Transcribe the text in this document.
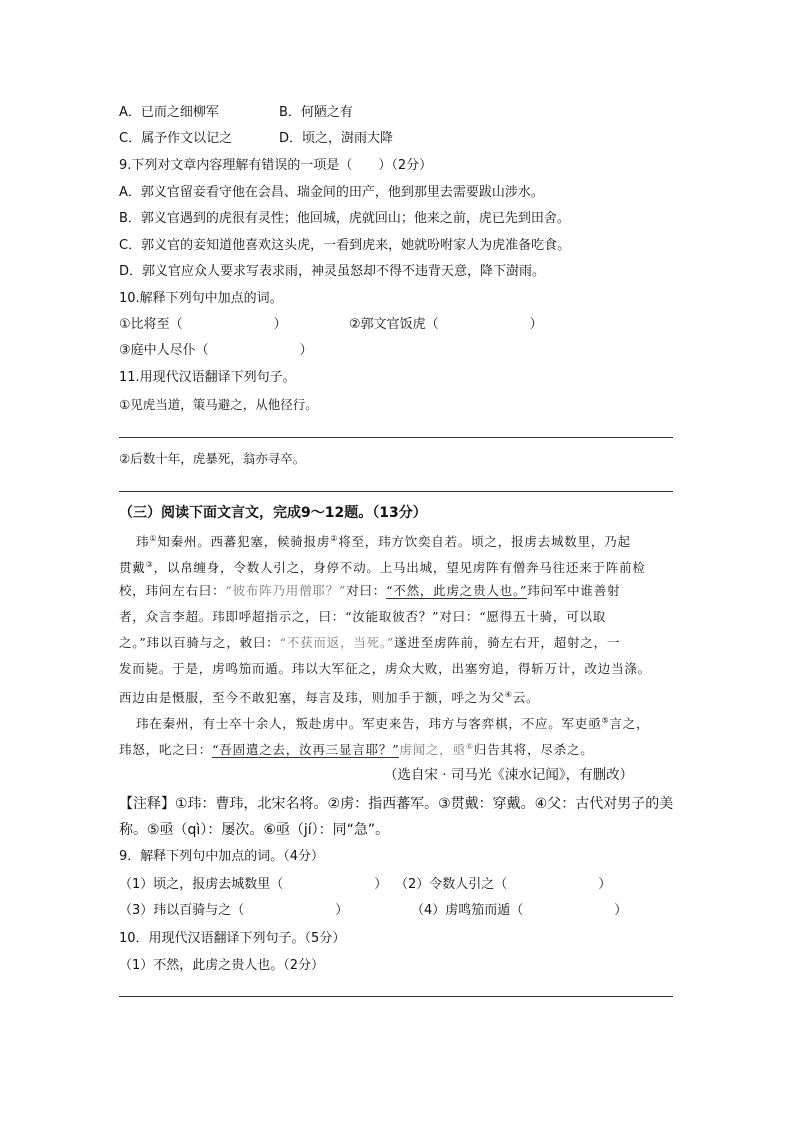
A．已而之细柳军	B．何陋之有
C．属予作文以记之	D．顷之，澍雨大降
9.下列对文章内容理解有错误的一项是（　　）（2分）
A．郭义官留妾看守他在会昌、瑞金间的田产，他到那里去需要跋山涉水。
B．郭义官遇到的虎很有灵性；他回城，虎就回山；他来之前，虎已先到田舍。
C．郭义官的妾知道他喜欢这头虎，一看到虎来，她就吩咐家人为虎准备吃食。
D．郭义官应众人要求写表求雨，神灵虽怒却不得不违背天意，降下澍雨。
10.解释下列句中加点的词。
①比将至（　　　　　　　）	②郭文官饭虎（　　　　　　　）
③庭中人尽仆（　　　　　　　）
11.用现代汉语翻译下列句子。
①见虎当道，策马避之，从他径行。
②后数十年，虎暴死，翁亦寻卒。
（三）阅读下面文言文，完成9～12题。（13分）
玮①知秦州。西蕃犯塞，候骑报虏②将至，玮方饮奕自若。顷之，报虏去城数里，乃起
贯戴③，以帛缠身，令数人引之，身停不动。上马出城，望见虏阵有僧奔马往还来于阵前检
校，玮问左右曰：“彼布阵乃用僧耶？”对曰：“不然，此虏之贵人也。”玮问军中谁善射
者，众言李超。玮即呼超指示之，曰：“汝能取彼否？”对曰：“愿得五十骑，可以取
之。”玮以百骑与之，敕曰：“不获而返，当死。”遂进至虏阵前，骑左右开，超射之，一
发而毙。于是，虏鸣笳而遁。玮以大军征之，虏众大败，出塞穷追，得斩万计，改边当涤。
西边由是慑服，至今不敢犯塞，每言及玮，则加手于额，呼之为父④云。
玮在秦州，有士卒十余人，叛赴虏中。军吏来告，玮方与客弈棋，不应。军吏亟⑤言之，
玮怒，叱之曰：“吾固遣之去，汝再三显言耶？”虏闻之，亟⑥归告其将，尽杀之。
（选自宋 · 司马光《涑水记闻》，有删改）
【注释】①玮：曹玮，北宋名将。②虏：指西蕃军。③贯戴：穿戴。④父：古代对男子的美
称。⑤亟（qì）：屡次。⑥亟（jí）：同“急”。
9．解释下列句中加点的词。（4分）
（1）顷之，报虏去城数里（　　　　　　　） （2）令数人引之（　　　　　　　）
（3）玮以百骑与之（　　　　　　　）	（4）虏鸣笳而遁（　　　　　　　）
10．用现代汉语翻译下列句子。（5分）
（1）不然，此虏之贵人也。（2分）
